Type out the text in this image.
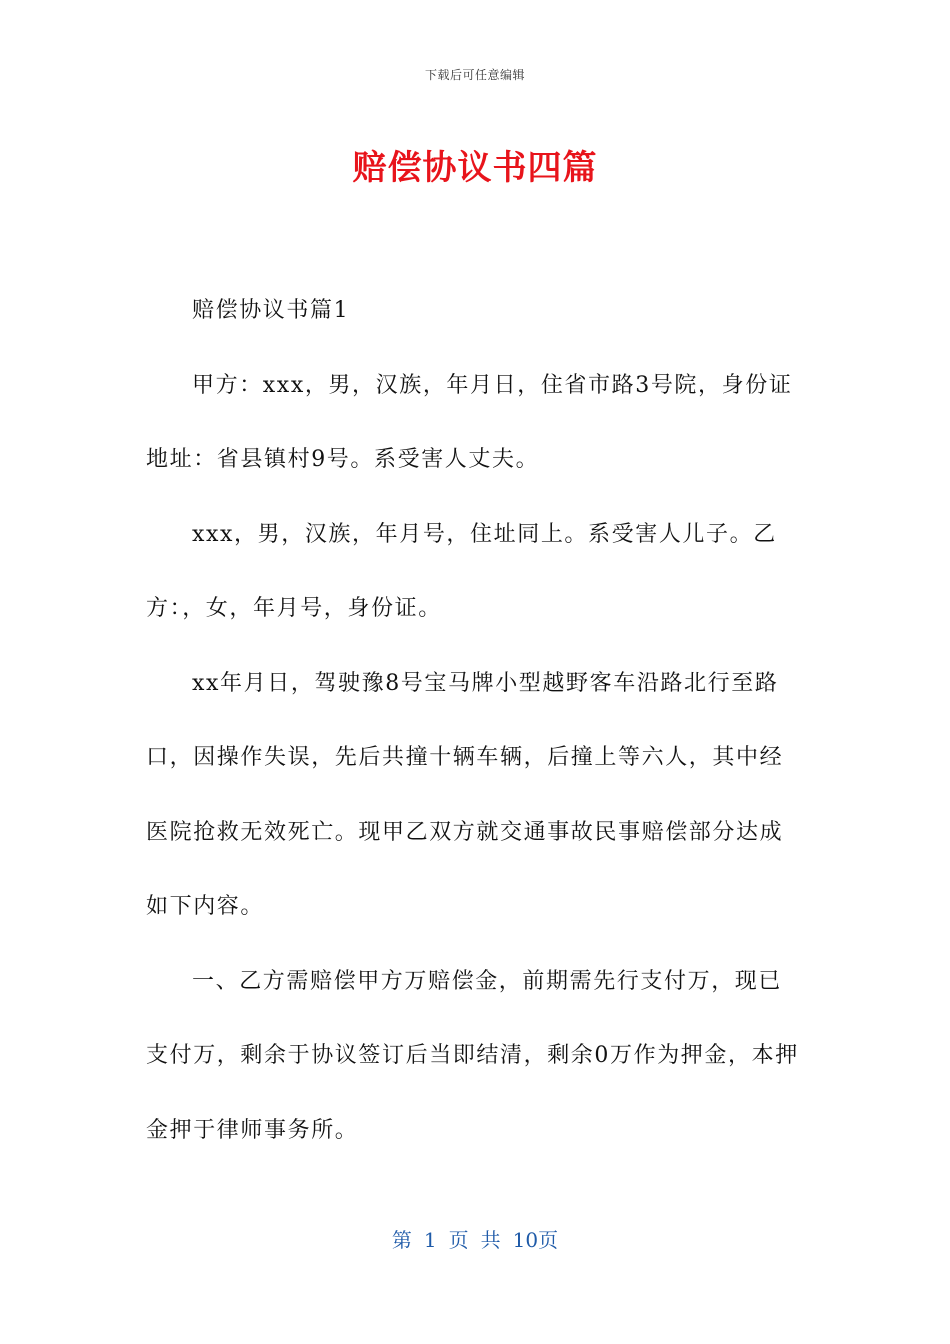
下载后可任意编辑
赔偿协议书四篇

赔偿协议书篇1

甲方：xxx，男，汉族，年月日，住省市路3号院，身份证地址：省县镇村9号。系受害人丈夫。

xxx，男，汉族，年月号，住址同上。系受害人儿子。乙方：，女，年月号，身份证。

xx年月日，驾驶豫8号宝马牌小型越野客车沿路北行至路口，因操作失误，先后共撞十辆车辆，后撞上等六人，其中经医院抢救无效死亡。现甲乙双方就交通事故民事赔偿部分达成如下内容。

一、乙方需赔偿甲方万赔偿金，前期需先行支付万，现已支付万，剩余于协议签订后当即结清，剩余0万作为押金，本押金押于律师事务所。

第 1 页 共 10页
